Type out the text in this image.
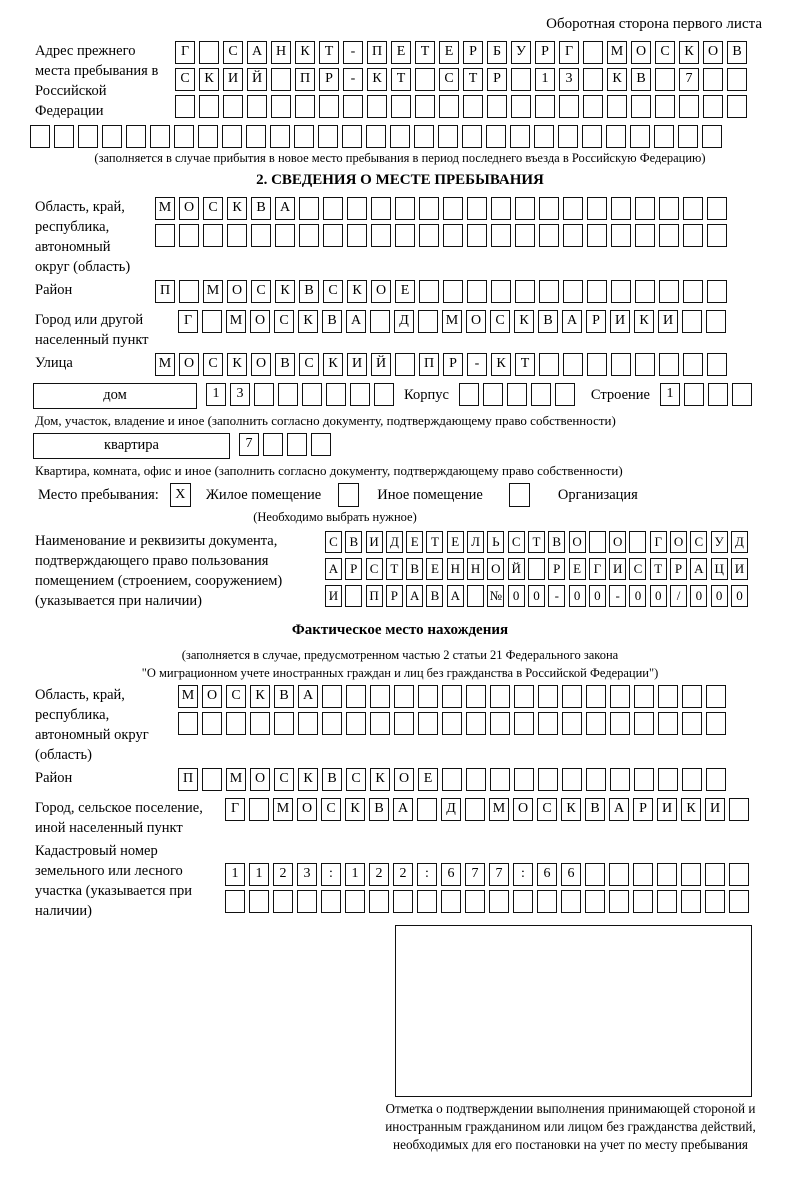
Оборотная сторона первого листа
Адрес прежнего места пребывания в Российской Федерации
Г	С А Н К Т - П Е Т Е Р Б У Р Г	М О С К О В
С К И Й	П Р - К Т	С Т Р	1 3	К В	7
(заполняется в случае прибытия в новое место пребывания в период последнего въезда в Российскую Федерацию)
2. СВЕДЕНИЯ О МЕСТЕ ПРЕБЫВАНИЯ
Область, край, республика, автономный округ (область)
М О С К В А
Район	П	М О С К В С К О Е
Город или другой населенный пункт
Г	М О С К В А	Д	М О С К В А Р И К И
Улица	М О С К О В С К И Й	П Р - К Т
дом	1 3	Корпус	Строение 1
Дом, участок, владение и иное (заполнить согласно документу, подтверждающему право собственности)
квартира	7
Квартира, комната, офис и иное (заполнить согласно документу, подтверждающему право собственности)
Место пребывания: X Жилое помещение	Иное помещение	Организация
(Необходимо выбрать нужное)
Наименование и реквизиты документа, подтверждающего право пользования помещением (строением, сооружением) (указывается при наличии)
С В И Д Е Т Е Л Ь С Т В О О Г О С У Д
А Р С Т В Е Н Н О Й Р Е Г И С Т Р А Ц И
И П Р А В А № 0 0 - 0 0 - 0 0 / 0 0 0
Фактическое место нахождения
(заполняется в случае, предусмотренном частью 2 статьи 21 Федерального закона
"О миграционном учете иностранных граждан и лиц без гражданства в Российской Федерации")
Область, край, республика, автономный округ (область)
М О С К В А
Район	П	М О С К В С К О Е
Город, сельское поселение, иной населенный пункт
Г	М О С К В А	Д	М О С К В А Р И К И
Кадастровый номер земельного или лесного участка (указывается при наличии)
1 1 2 3 : 1 2 2 : 6 7 7 : 6 6
Отметка о подтверждении выполнения принимающей стороной и иностранным гражданином или лицом без гражданства действий, необходимых для его постановки на учет по месту пребывания
